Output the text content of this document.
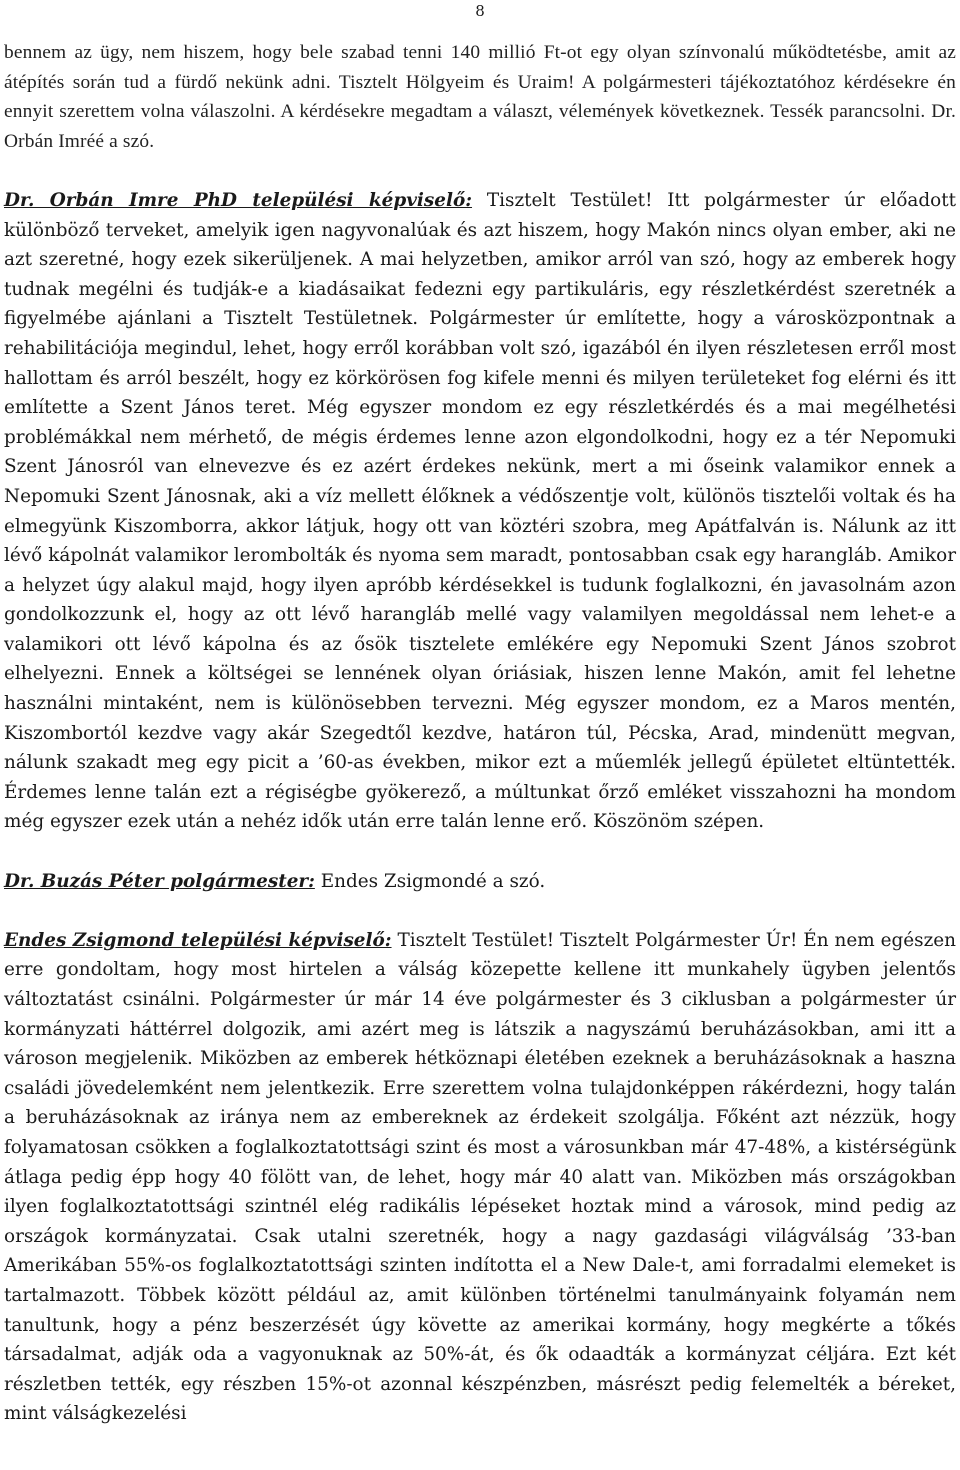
8

bennem az ügy, nem hiszem, hogy bele szabad tenni 140 millió Ft-ot egy olyan színvonalú működtetésbe, amit az átépítés során tud a fürdő nekünk adni. Tisztelt Hölgyeim és Uraim! A polgármesteri tájékoztatóhoz kérdésekre én ennyit szerettem volna válaszolni. A kérdésekre megadtam a választ, vélemények következnek. Tessék parancsolni. Dr. Orbán Imréé a szó.

Dr. Orbán Imre PhD települési képviselő: Tisztelt Testület! Itt polgármester úr előadott különböző terveket, amelyik igen nagyvonalúak és azt hiszem, hogy Makón nincs olyan ember, aki ne azt szeretné, hogy ezek sikerüljenek. A mai helyzetben, amikor arról van szó, hogy az emberek hogy tudnak megélni és tudják-e a kiadásaikat fedezni egy partikuláris, egy részletkérdést szeretnék a figyelmébe ajánlani a Tisztelt Testületnek. Polgármester úr említette, hogy a városközpontnak a rehabilitációja megindul, lehet, hogy erről korábban volt szó, igazából én ilyen részletesen erről most hallottam és arról beszélt, hogy ez körkörösen fog kifele menni és milyen területeket fog elérni és itt említette a Szent János teret. Még egyszer mondom ez egy részletkérdés és a mai megélhetési problémákkal nem mérhető, de mégis érdemes lenne azon elgondolkodni, hogy ez a tér Nepomuki Szent Jánosról van elnevezve és ez azért érdekes nekünk, mert a mi őseink valamikor ennek a Nepomuki Szent Jánosnak, aki a víz mellett élőknek a védőszentje volt, különös tisztelői voltak és ha elmegyünk Kiszomborra, akkor látjuk, hogy ott van köztéri szobra, meg Apátfalván is. Nálunk az itt lévő kápolnát valamikor lerombolták és nyoma sem maradt, pontosabban csak egy harangláb. Amikor a helyzet úgy alakul majd, hogy ilyen apróbb kérdésekkel is tudunk foglalkozni, én javasolnám azon gondolkozzunk el, hogy az ott lévő harangláb mellé vagy valamilyen megoldással nem lehet-e a valamikori ott lévő kápolna és az ősök tisztelete emlékére egy Nepomuki Szent János szobrot elhelyezni. Ennek a költségei se lennének olyan óriásiak, hiszen lenne Makón, amit fel lehetne használni mintaként, nem is különösebben tervezni. Még egyszer mondom, ez a Maros mentén, Kiszombortól kezdve vagy akár Szegedtől kezdve, határon túl, Pécska, Arad, mindenütt megvan, nálunk szakadt meg egy picit a ’60-as években, mikor ezt a műemlék jellegű épületet eltüntették. Érdemes lenne talán ezt a régiségbe gyökerező, a múltunkat őrző emléket visszahozni ha mondom még egyszer ezek után a nehéz idők után erre talán lenne erő. Köszönöm szépen.

Dr. Buzás Péter polgármester: Endes Zsigmondé a szó.

Endes Zsigmond települési képviselő: Tisztelt Testület! Tisztelt Polgármester Úr! Én nem egészen erre gondoltam, hogy most hirtelen a válság közepette kellene itt munkahely ügyben jelentős változtatást csinálni. Polgármester úr már 14 éve polgármester és 3 ciklusban a polgármester úr kormányzati háttérrel dolgozik, ami azért meg is látszik a nagyszámú beruházásokban, ami itt a városon megjelenik. Miközben az emberek hétköznapi életében ezeknek a beruházásoknak a haszna családi jövedelemként nem jelentkezik. Erre szerettem volna tulajdonképpen rákérdezni, hogy talán a beruházásoknak az iránya nem az embereknek az érdekeit szolgálja. Főként azt nézzük, hogy folyamatosan csökken a foglalkoztatottsági szint és most a városunkban már 47-48%, a kistérségünk átlaga pedig épp hogy 40 fölött van, de lehet, hogy már 40 alatt van. Miközben más országokban ilyen foglalkoztatottsági szintnél elég radikális lépéseket hoztak mind a városok, mind pedig az országok kormányzatai. Csak utalni szeretnék, hogy a nagy gazdasági világválság ’33-ban Amerikában 55%-os foglalkoztatottsági szinten indította el a New Dale-t, ami forradalmi elemeket is tartalmazott. Többek között például az, amit különben történelmi tanulmányaink folyamán nem tanultunk, hogy a pénz beszerzését úgy követte az amerikai kormány, hogy megkérte a tőkés társadalmat, adják oda a vagyonuknak az 50%-át, és ők odaadták a kormányzat céljára. Ezt két részletben tették, egy részben 15%-ot azonnal készpénzben, másrészt pedig felemelték a béreket, mint válságkezelési
